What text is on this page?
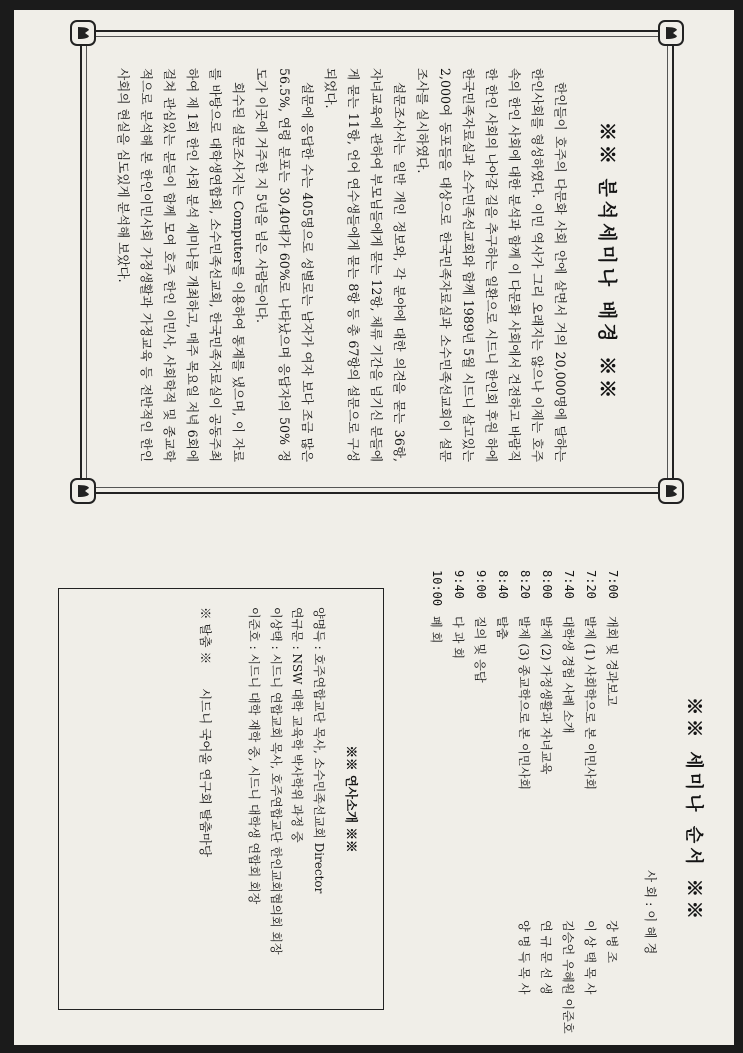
※※ 분석세미나 배경 ※※

한인들이 호주의 다문화 사회 안에 살면서 거의 20,000명에 달하는 한인사회를 형성하였다. 이민 역사가 그리 오래지는 않으나 이제는 호주 속의 한인 사회에 대한 분석과 함께 이 다문화 사회에서 건전하고 바람직한 한인 사회의 나아갈 길을 추구하는 일환으로 시드니 한인회 후원 하에 한국민족자료실과 소수민족선교회와 함께 1989년 5월 시드니 살고있는 2,000여 동포들을 대상으로 한국민족자료실과 소수민족선교회이 설문조사를 실시하였다.

설문조사서는 일반 개인 정보와, 각 분야에 대한 의견을 묻는 36항, 자녀교육에 관하여 부모님들에게 묻는 12항, 체류 기간을 넘기신 분들에게 묻는 11항, 언어 연수생들에게 묻는 8항 등 총 67항의 설문으로 구성되었다.

설문에 응답한 수는 405명으로 성별로는 남자가 여자 보다 조금 많은 56.5%, 연령 분포는 30,40대가 60%로 나타났으며 응답자의 50% 정도가 이곳에 거주한 지 5년을 넘은 사람들이다.

회수된 설문조사지는 Computer를 이용하여 통계를 냈으며, 이 자료를 바탕으로 대학생연합회, 소수민족선교회, 한국민족자료실이 공동주최하여 제 1회 한인 사회 분석 세미나를 개최하고, 매주 목요일 저녁 6회에 걸쳐 관심있는 분들이 함께 모여 호주 한인 이민사, 사회학적 및 종교학적으로 분석해 본 한인이민사회 가정생활과 가정교육 등 전반적인 한인 사회의 현실을 심도있게 분석해 보았다.

※※ 세미나 순서 ※※
사 회 : 이 혜 경
7:00
개회 및 경과보고
강 병 조
7:20
발제 (1) 사회학으로 본 이민사회
이 상 택 목 사
7:40
대학생 경험 사례 소개
김승언 우혜원 이준호
8:00
발제 (2) 가정생활과 자녀교육
연 규 문 선 생
8:20
발제 (3) 종교학으로 본 이민사회
양 명 득 목 사
8:40
탈춤
9:00
질의 및 응답
9:40
다 과 회
10:00
폐 회
※※ 연사소개 ※※
양명득 : 호주연합교단 목사, 소수민족선교회 Director
연규문 : NSW 대학 교육학 박사학위 과정 중
이상택 : 시드니 연합교회 목사, 호주연합교단 한인교회협의회 회장
이준호 : 시드니 대학 재학 중, 시드니 대학생 연합회 회장
※ 탈춤 ※
시드니 국어울 연구회 탈춤마당
